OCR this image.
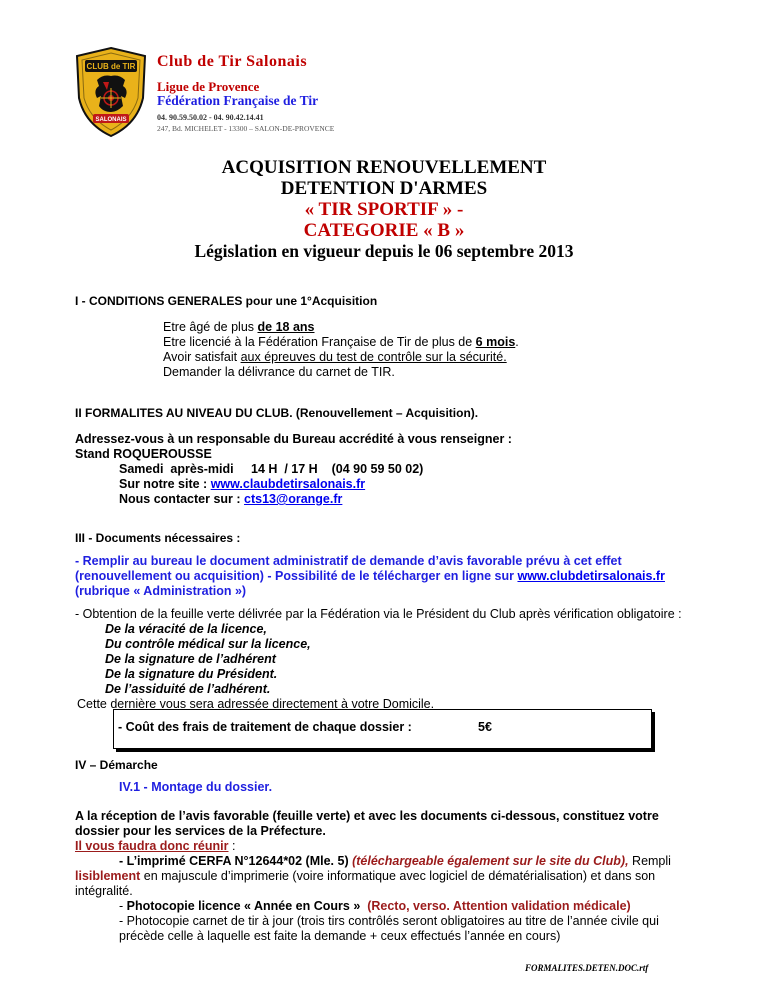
CLUB de TIR
SALONAIS
Club de Tir Salonais
Ligue de Provence
Fédération Française de Tir
04. 90.59.50.02 - 04. 90.42.14.41
247, Bd. MICHELET - 13300 – SALON-DE-PROVENCE
ACQUISITION RENOUVELLEMENT
DETENTION D'ARMES
« TIR SPORTIF » -
CATEGORIE « B »
Législation en vigueur depuis le 06 septembre 2013
I - CONDITIONS GENERALES pour une 1°Acquisition
Etre âgé de plus de 18 ans
Etre licencié à la Fédération Française de Tir de plus de 6 mois.
Avoir satisfait aux épreuves du test de contrôle sur la sécurité.
Demander la délivrance du carnet de TIR.
II FORMALITES AU NIVEAU DU CLUB. (Renouvellement – Acquisition).
Adressez-vous à un responsable du Bureau accrédité à vous renseigner :
Stand ROQUEROUSSE
Samedi  après-midi     14 H  / 17 H    (04 90 59 50 02)
Sur notre site : www.claubdetirsalonais.fr
Nous contacter sur : cts13@orange.fr
III - Documents nécessaires :
- Remplir au bureau le document administratif de demande d’avis favorable prévu à cet effet
(renouvellement ou acquisition) - Possibilité de le télécharger en ligne sur www.clubdetirsalonais.fr
(rubrique « Administration »)
- Obtention de la feuille verte délivrée par la Fédération via le Président du Club après vérification obligatoire :
De la véracité de la licence,
Du contrôle médical sur la licence,
De la signature de l’adhérent
De la signature du Président.
De l’assiduité de l’adhérent.
Cette dernière vous sera adressée directement à votre Domicile.
- Coût des frais de traitement de chaque dossier :	5€
IV – Démarche
IV.1 - Montage du dossier.
A la réception de l’avis favorable (feuille verte) et avec les documents ci-dessous, constituez votre
dossier pour les services de la Préfecture.
Il vous faudra donc réunir :
- L’imprimé CERFA N°12644*02 (Mle. 5) (téléchargeable également sur le site du Club), Rempli
lisiblement en majuscule d’imprimerie (voire informatique avec logiciel de dématérialisation) et dans son
intégralité.
- Photocopie licence « Année en Cours »  (Recto, verso. Attention validation médicale)
- Photocopie carnet de tir à jour (trois tirs contrôlés seront obligatoires au titre de l’année civile qui
précède celle à laquelle est faite la demande + ceux effectués l’année en cours)
FORMALITES.DETEN.DOC.rtf
